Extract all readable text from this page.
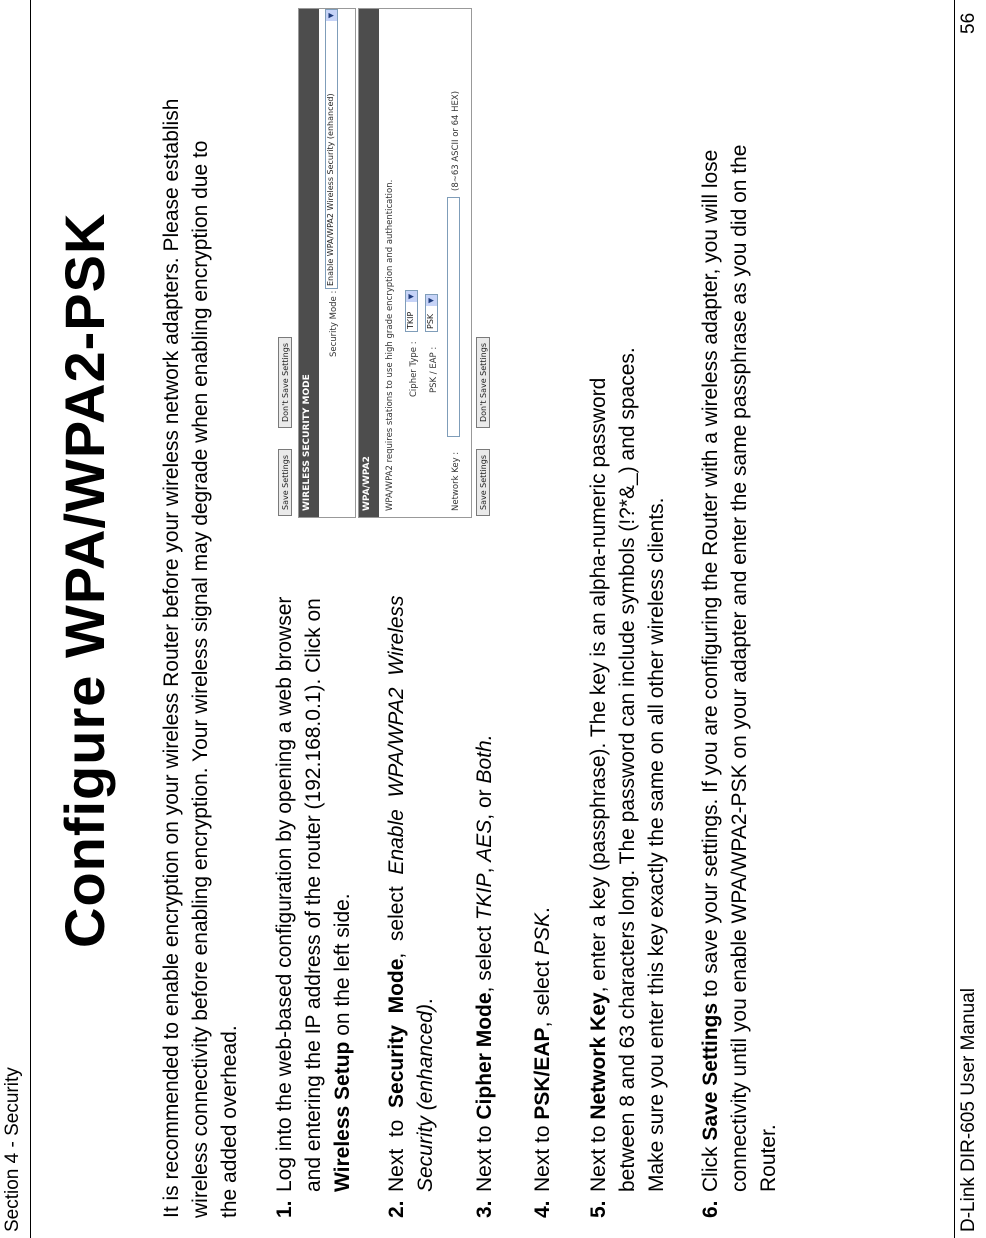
Section 4 - Security
Configure WPA/WPA2-PSK It is recommended to enable encryption on your wireless Router before your wireless network adapters. Please establish wireless connectivity before enabling encryption. Your wireless signal may degrade when enabling encryption due to the added overhead. 1.
Log into the web-based configuration by opening a web browser and entering the IP address of the router (192.168.0.1). Click on Wireless Setup on the left side.
2.
Next  to  Security  Mode,  select  Enable  WPA/WPA2  Wireless
Security (enhanced).
3.
Next to Cipher Mode, select TKIP, AES, or Both.
4.
Next to PSK/EAP, select PSK.
5.
Next to Network Key, enter a key (passphrase). The key is an alpha-numeric password between 8 and 63 characters long. The password can include symbols (!?*&_) and spaces. Make sure you enter this key exactly the same on all other wireless clients.
6.
Click Save Settings to save your settings. If you are configuring the Router with a wireless adapter, you will lose connectivity until you enable WPA/WPA2-PSK on your adapter and enter the same passphrase as you did on the Router.
Save Settings
Don't Save Settings	WIRELESS SECURITY MODE
Security Mode :
Enable WPA/WPA2 Wireless Security (enhanced)
▼
WPA/WPA2	WPA/WPA2 requires stations to use high grade encryption and authentication. Cipher Type :
TKIP
▼
PSK / EAP :
PSK
▼
Network Key :
(8~63 ASCII or 64 HEX)
Save Settings
Don't Save Settings
D-Link DIR-605 User Manual
56
